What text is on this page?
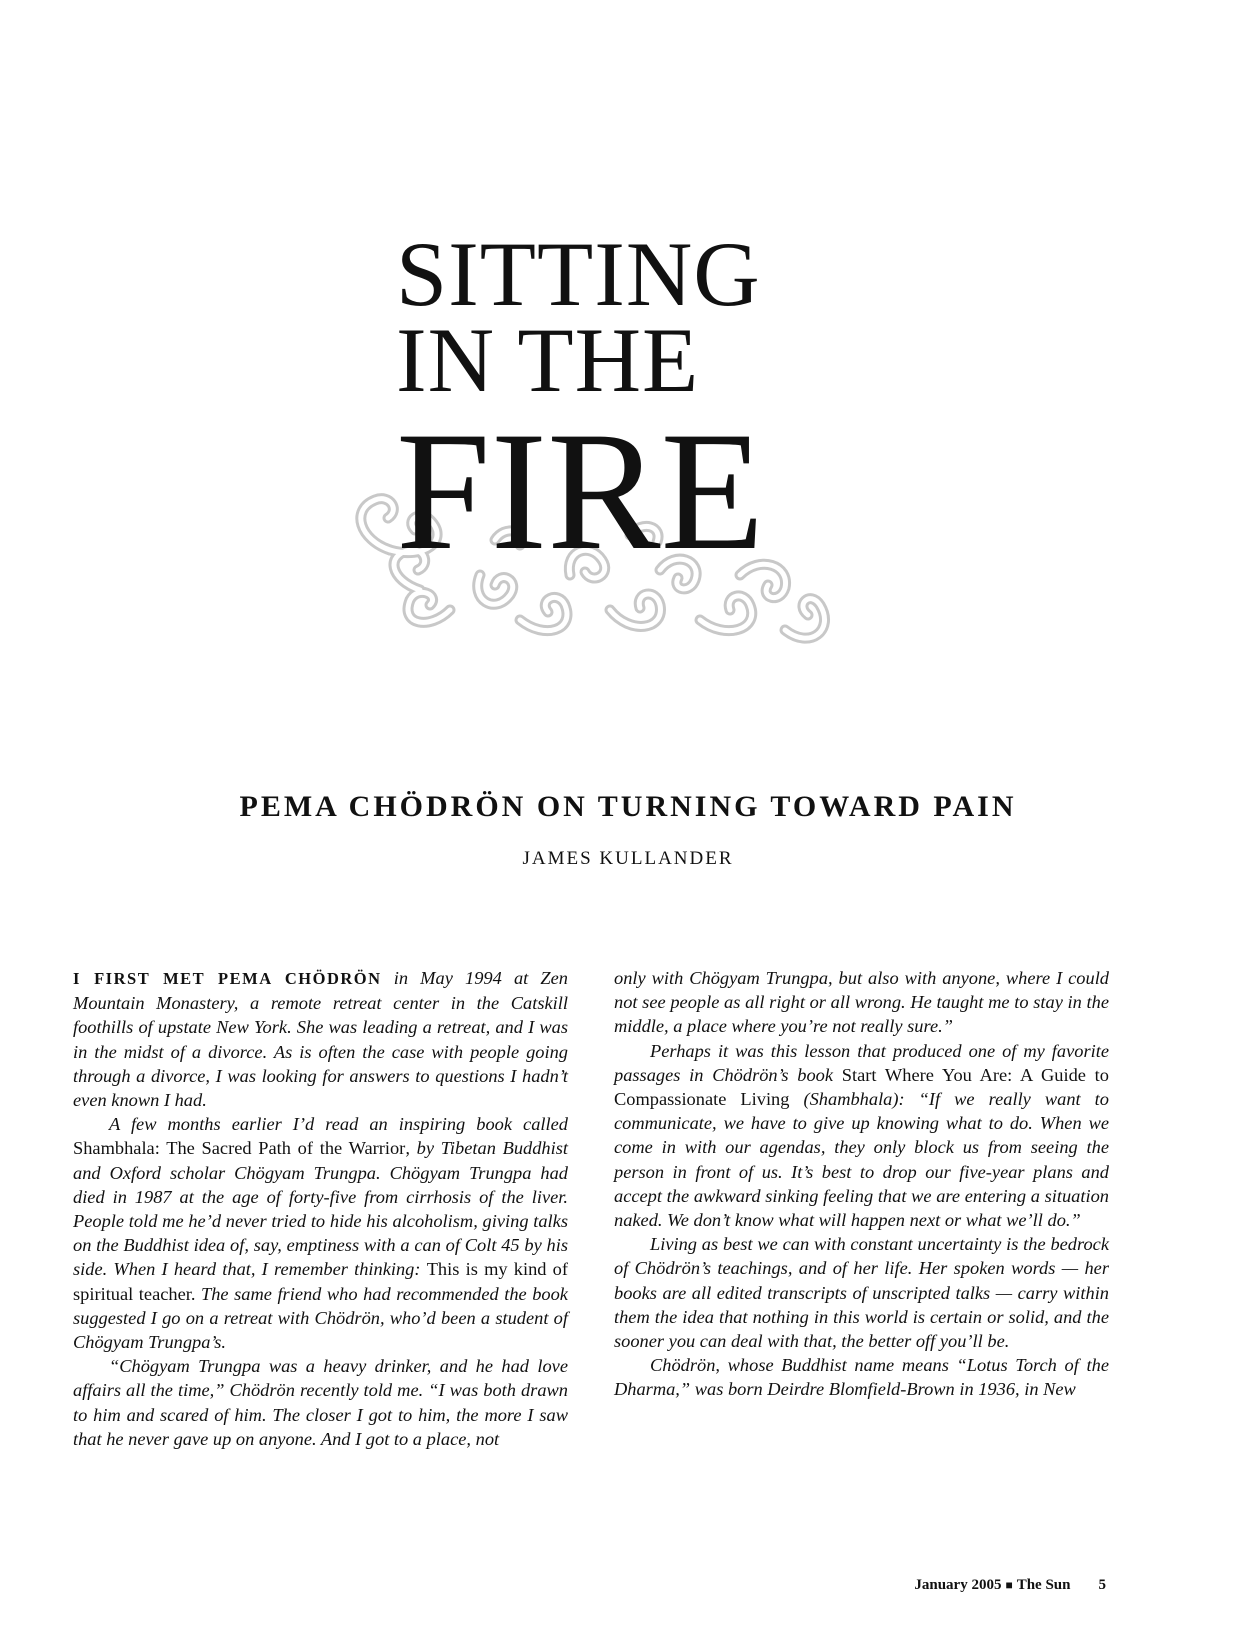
SITTING
IN THE
FIRE
PEMA CHÖDRÖN ON TURNING TOWARD PAIN
JAMES KULLANDER

I FIRST MET PEMA CHÖDRÖN in May 1994 at Zen Mountain Monastery, a remote retreat center in the Catskill foothills of upstate New York. She was leading a retreat, and I was in the midst of a divorce. As is often the case with people going through a divorce, I was looking for answers to questions I hadn’t even known I had.

A few months earlier I’d read an inspiring book called Shambhala: The Sacred Path of the Warrior, by Tibetan Buddhist and Oxford scholar Chögyam Trungpa. Chögyam Trungpa had died in 1987 at the age of forty-five from cirrhosis of the liver. People told me he’d never tried to hide his alcoholism, giving talks on the Buddhist idea of, say, emptiness with a can of Colt 45 by his side. When I heard that, I remember thinking: This is my kind of spiritual teacher. The same friend who had recommended the book suggested I go on a retreat with Chödrön, who’d been a student of Chögyam Trungpa’s.

“Chögyam Trungpa was a heavy drinker, and he had love affairs all the time,” Chödrön recently told me. “I was both drawn to him and scared of him. The closer I got to him, the more I saw that he never gave up on anyone. And I got to a place, not

only with Chögyam Trungpa, but also with anyone, where I could not see people as all right or all wrong. He taught me to stay in the middle, a place where you’re not really sure.”

Perhaps it was this lesson that produced one of my favorite passages in Chödrön’s book Start Where You Are: A Guide to Compassionate Living (Shambhala): “If we really want to communicate, we have to give up knowing what to do. When we come in with our agendas, they only block us from seeing the person in front of us. It’s best to drop our five-year plans and accept the awkward sinking feeling that we are entering a situation naked. We don’t know what will happen next or what we’ll do.”

Living as best we can with constant uncertainty is the bedrock of Chödrön’s teachings, and of her life. Her spoken words — her books are all edited transcripts of unscripted talks — carry within them the idea that nothing in this world is certain or solid, and the sooner you can deal with that, the better off you’ll be.

Chödrön, whose Buddhist name means “Lotus Torch of the Dharma,” was born Deirdre Blomfield-Brown in 1936, in New

January 2005 ■ The Sun 5
